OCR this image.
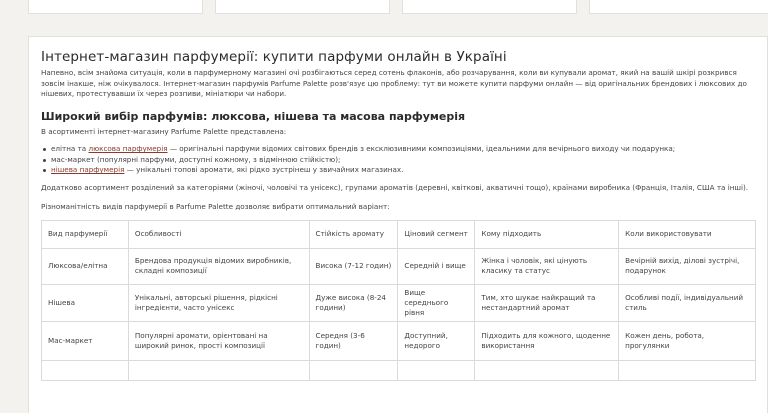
Інтернет-магазин парфумерії: купити парфуми онлайн в Україні

Напевно, всім знайома ситуація, коли в парфумерному магазині очі розбігаються серед сотень флаконів, або розчарування, коли ви купували аромат, який на вашій шкірі розкрився зовсім інакше, ніж очікувалося. Інтернет-магазин парфумів Parfume Palette розв'язує цю проблему: тут ви можете купити парфуми онлайн — від оригінальних брендових і люксових до нішевих, протестувавши їх через розпиви, мініатюри чи набори.

Широкий вибір парфумів: люксова, нішева та масова парфумерія

В асортименті інтернет-магазину Parfume Palette представлена:

елітна та люксова парфумерія — оригінальні парфуми відомих світових брендів з ексклюзивними композиціями, ідеальними для вечірнього виходу чи подарунка;
мас-маркет (популярні парфуми, доступні кожному, з відмінною стійкістю);
нішева парфумерія — унікальні топові аромати, які рідко зустрінеш у звичайних магазинах.

Додатково асортимент розділений за категоріями (жіночі, чоловічі та унісекс), групами ароматів (деревні, квіткові, акватичні тощо), країнами виробника (Франція, Італія, США та інші).

Різноманітність видів парфумерії в Parfume Palette дозволяє вибрати оптимальний варіант:

Вид парфумерії	Особливості	Стійкість аромату	Ціновий сегмент	Кому підходить	Коли використовувати
Люксова/елітна	Брендова продукція відомих виробників, складні композиції	Висока (7-12 годин)	Середній і вище	Жінка і чоловік, які цінують класику та статус	Вечірній вихід, ділові зустрічі, подарунок
Нішева	Унікальні, авторські рішення, рідкісні інгредієнти, часто унісекс	Дуже висока (8-24 години)	Вище середнього рівня	Тим, хто шукає найкращий та нестандартний аромат	Особливі події, індивідуальний стиль
Мас-маркет	Популярні аромати, орієнтовані на широкий ринок, прості композиції	Середня (3-6 годин)	Доступний, недорого	Підходить для кожного, щоденне використання	Кожен день, робота, прогулянки
